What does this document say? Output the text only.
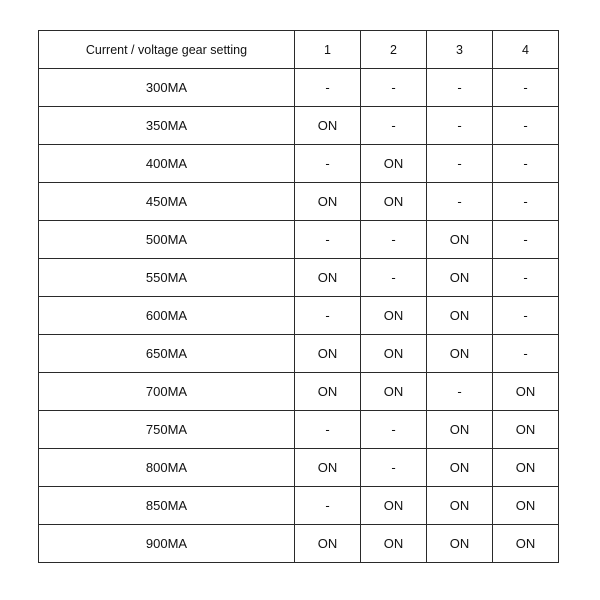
Current / voltage gear setting	1	2	3	4
300MA	-	-	-	-
350MA	ON	-	-	-
400MA	-	ON	-	-
450MA	ON	ON	-	-
500MA	-	-	ON	-
550MA	ON	-	ON	-
600MA	-	ON	ON	-
650MA	ON	ON	ON	-
700MA	ON	ON	-	ON
750MA	-	-	ON	ON
800MA	ON	-	ON	ON
850MA	-	ON	ON	ON
900MA	ON	ON	ON	ON
